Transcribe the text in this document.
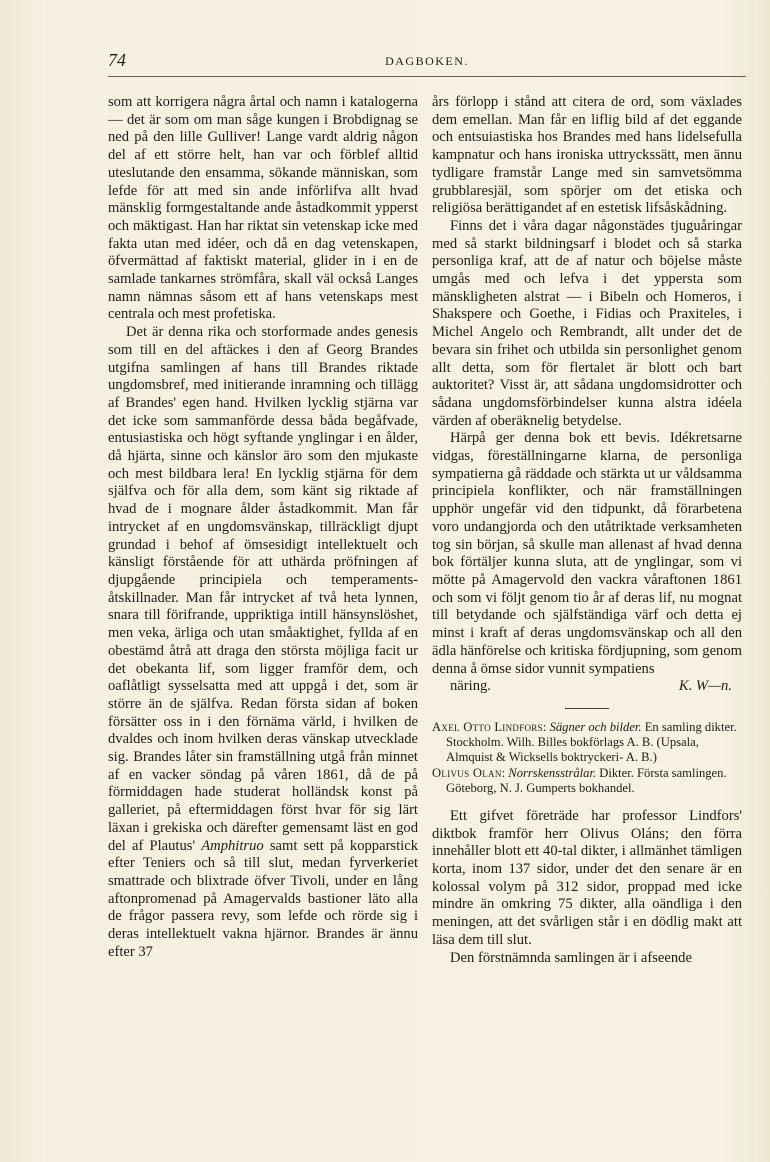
74	DAGBOKEN.

som att korrigera några årtal och namn i katalogerna — det är som om man såge kungen i Brobdignag se ned på den lille Gulliver! Lange vardt aldrig någon del af ett större helt, han var och förblef alltid uteslutande den ensamma, sökande människan, som lefde för att med sin ande införlifva allt hvad mänsklig formgestaltande ande åstadkommit ypperst och mäktigast. Han har riktat sin vetenskap icke med fakta utan med idéer, och då en dag vetenskapen, öfvermättad af faktiskt material, glider in i en de samlade tankarnes strömfåra, skall väl också Langes namn nämnas såsom ett af hans vetenskaps mest centrala och mest profetiska.

Det är denna rika och storformade andes genesis som till en del aftäckes i den af Georg Brandes utgifna samlingen af hans till Brandes riktade ungdomsbref, med initierande inramning och tillägg af Brandes' egen hand. Hvilken lycklig stjärna var det icke som sammanförde dessa båda begåfvade, entusiastiska och högt syftande ynglingar i en ålder, då hjärta, sinne och känslor äro som den mjukaste och mest bildbara lera! En lycklig stjärna för dem själfva och för alla dem, som känt sig riktade af hvad de i mognare ålder åstadkommit. Man får intrycket af en ungdomsvänskap, tillräckligt djupt grundad i behof af ömsesidigt intellektuelt och känsligt förstående för att uthärda pröfningen af djupgående principiela och temperaments-åtskillnader. Man får intrycket af två heta lynnen, snara till förifrande, uppriktiga intill hänsynslöshet, men veka, ärliga och utan småaktighet, fyllda af en obestämd åtrå att draga den största möjliga facit ur det obekanta lif, som ligger framför dem, och oaflåtligt sysselsatta med att uppgå i det, som är större än de själfva. Redan första sidan af boken försätter oss in i den förnäma värld, i hvilken de dvaldes och inom hvilken deras vänskap utvecklade sig. Brandes låter sin framställning utgå från minnet af en vacker söndag på våren 1861, då de på förmiddagen hade studerat holländsk konst på galleriet, på eftermiddagen först hvar för sig lärt läxan i grekiska och därefter gemensamt läst en god del af Plautus' Amphitruo samt sett på kopparstick efter Teniers och så till slut, medan fyrverkeriet smattrade och blixtrade öfver Tivoli, under en lång aftonpromenad på Amagervalds bastioner läto alla de frågor passera revy, som lefde och rörde sig i deras intellektuelt vakna hjärnor. Brandes är ännu efter 37

års förlopp i stånd att citera de ord, som växlades dem emellan. Man får en liflig bild af det eggande och entsuiastiska hos Brandes med hans lidelsefulla kampnatur och hans ironiska uttryckssätt, men ännu tydligare framstår Lange med sin samvetsömma grubblaresjäl, som spörjer om det etiska och religiösa berättigandet af en estetisk lifsåskådning.

Finns det i våra dagar någonstädes tjuguåringar med så starkt bildningsarf i blodet och så starka personliga kraf, att de af natur och böjelse måste umgås med och lefva i det yppersta som mänskligheten alstrat — i Bibeln och Homeros, i Shakspere och Goethe, i Fidias och Praxiteles, i Michel Angelo och Rembrandt, allt under det de bevara sin frihet och utbilda sin personlighet genom allt detta, som för flertalet är blott och bart auktoritet? Visst är, att sådana ungdomsidrotter och sådana ungdomsförbindelser kunna alstra idéela värden af oberäknelig betydelse.

Härpå ger denna bok ett bevis. Idékretsarne vidgas, föreställningarne klarna, de personliga sympatierna gå räddade och stärkta ut ur våldsamma principiela konflikter, och när framställningen upphör ungefär vid den tidpunkt, då förarbetena voro undangjorda och den utåtriktade verksamheten tog sin början, så skulle man allenast af hvad denna bok förtäljer kunna sluta, att de ynglingar, som vi mötte på Amagervold den vackra våraftonen 1861 och som vi följt genom tio år af deras lif, nu mognat till betydande och själfständiga värf och detta ej minst i kraft af deras ungdomsvänskap och all den ädla hänförelse och kritiska fördjupning, som genom denna å ömse sidor vunnit sympatiens

näring.	K. W—n.

Axel Otto Lindfors: Sägner och bilder. En samling dikter. Stockholm. Wilh. Billes bokförlags A. B. (Upsala, Almquist & Wicksells boktryckeri- A. B.)
Olivus Olan: Norrskensstrålar. Dikter. Första samlingen. Göteborg, N. J. Gumperts bokhandel.

Ett gifvet företräde har professor Lindfors' diktbok framför herr Olivus Oláns; den förra innehåller blott ett 40-tal dikter, i allmänhet tämligen korta, inom 137 sidor, under det den senare är en kolossal volym på 312 sidor, proppad med icke mindre än omkring 75 dikter, alla oändliga i den meningen, att det svårligen står i en dödlig makt att läsa dem till slut.

Den förstnämnda samlingen är i afseende
